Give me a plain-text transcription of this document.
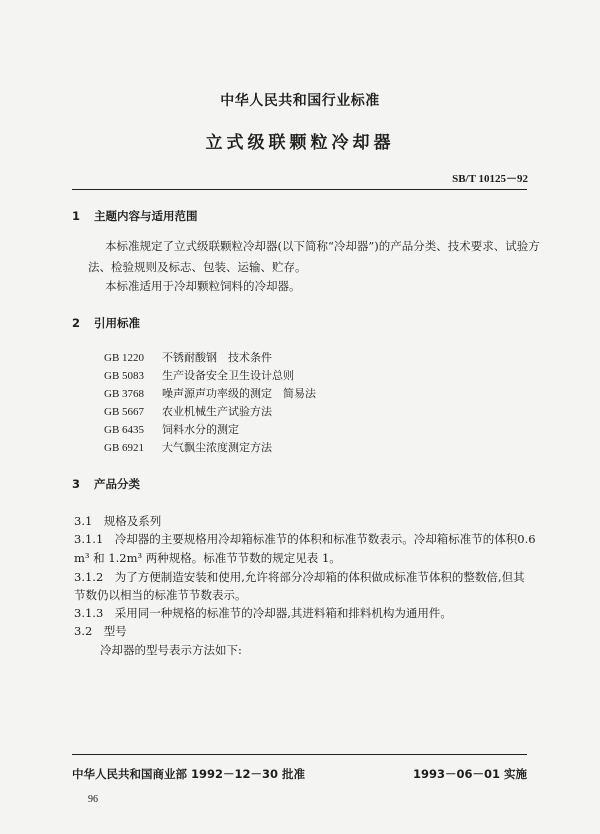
中华人民共和国行业标准
立式级联颗粒冷却器
SB/T 10125－92
1 主题内容与适用范围
本标准规定了立式级联颗粒冷却器(以下简称“冷却器”)的产品分类、技术要求、试验方
法、检验规则及标志、包装、运输、贮存。
本标准适用于冷却颗粒饲料的冷却器。
2 引用标准
GB 1220 不锈耐酸钢　技术条件
GB 5083 生产设备安全卫生设计总则
GB 3768 噪声源声功率级的测定　简易法
GB 5667 农业机械生产试验方法
GB 6435 饲料水分的测定
GB 6921 大气飘尘浓度测定方法
3 产品分类
3.1　规格及系列
3.1.1　冷却器的主要规格用冷却箱标准节的体积和标准节数表示。冷却箱标准节的体积0.6
m³ 和 1.2m³ 两种规格。标准节节数的规定见表 1。
3.1.2　为了方便制造安装和使用,允许将部分冷却箱的体积做成标准节体积的整数倍,但其
节数仍以相当的标准节节数表示。
3.1.3　采用同一种规格的标准节的冷却器,其进料箱和排料机构为通用件。
3.2　型号
冷却器的型号表示方法如下:
中华人民共和国商业部 1992－12－30 批准	1993－06－01 实施
96
